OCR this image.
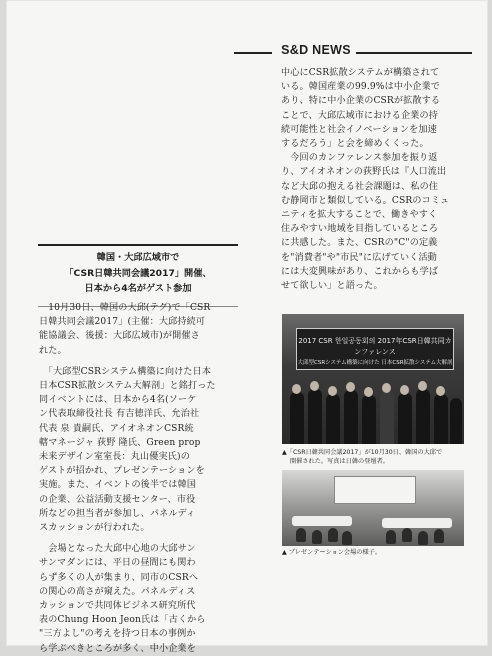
S&D NEWS
韓国・大邱広域市で
「CSR日韓共同会議2017」開催、
日本から4名がゲスト参加

　10月30日、韓国の大邱(テグ)で「CSR

日韓共同会議2017」(主催：大邱持続可

能協議会、後援：大邱広域市)が開催さ

れた。

　「大邱型CSRシステム構築に向けた日本

日本CSR拡散システム大解剖」と銘打った

同イベントには、日本から4名(ソーケ

ン代表取締役社長 有吉徳洋氏、允治社

代表 泉 貴嗣氏、アイオネオンCSR統

轄マネージャ 荻野 隆氏、Green prop

未来デザイン室室長：丸山優実氏)の

ゲストが招かれ、プレゼンテーションを

実施。また、イベントの後半では韓国

の企業、公益活動支援センター、市役

所などの担当者が参加し、パネルディ

スカッションが行われた。

　会場となった大邱中心地の大邱サン

サンマダンには、平日の昼間にも関わ

らず多くの人が集まり、同市のCSRへ

の関心の高さが窺えた。パネルディス

カッションで共同体ビジネス研究所代

表のChung Hoon Jeon氏は「古くから

"三方よし"の考えを持つ日本の事例か

ら学ぶべきところが多く、中小企業を

中心にCSR拡散システムが構築されて

いる。韓国産業の99.9%は中小企業で

あり、特に中小企業のCSRが拡散する

ことで、大邱広域市における企業の持

続可能性と社会イノベーションを加速

するだろう」と会を締めくくった。

　今回のカンファレンス参加を振り返

り、アイオネオンの荻野氏は『人口流出

など大邱の抱える社会課題は、私の住

む静岡市と類似している。CSRのコミュ

ニティを拡大することで、働きやすく

住みやすい地域を目指しているところ

に共感した。また、CSRの"C"の定義

を"消費者"や"市民"に広げていく活動

には大変興味があり、これからも学ば

せて欲しい」と語った。

2017 CSR 한일공동회의 2017年CSR日韓共同カンファレンス
大邱型CSRシステム構築に向けた 日本CSR拡散システム大解剖
▲「CSR日韓共同会議2017」が10月30日、韓国の大邱で
開催された。写真は日韓の登壇者。
▲ プレゼンテーション会場の様子。
